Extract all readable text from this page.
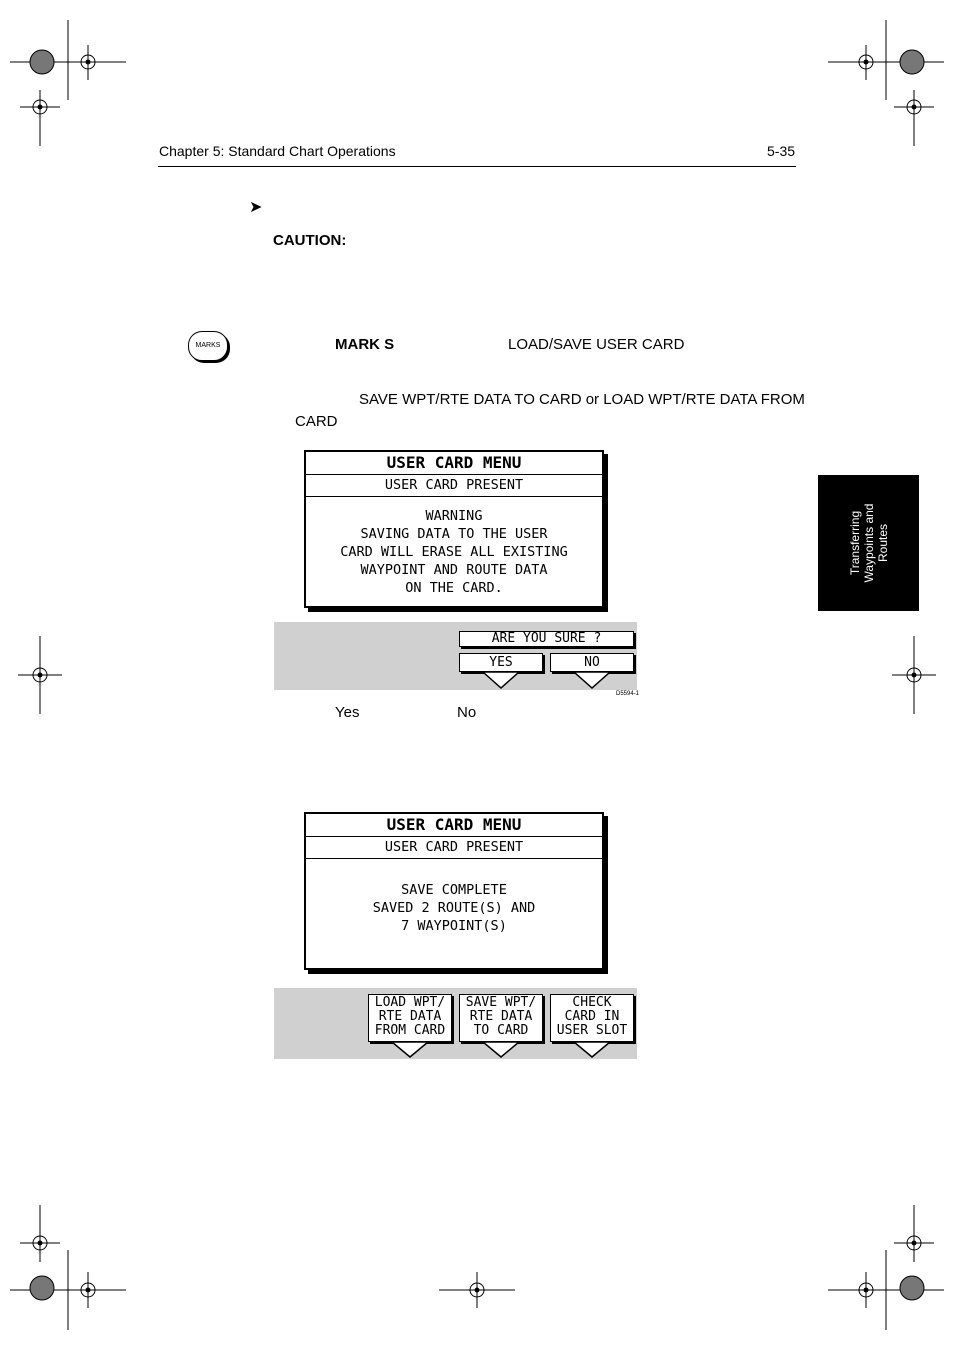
Chapter 5: Standard Chart Operations	5-35
➤
CAUTION:
MARKS	MARK S	LOAD/SAVE USER CARD
SAVE WPT/RTE DATA TO CARD or LOAD WPT/RTE DATA FROM
CARD
USER CARD MENU
USER CARD PRESENT
WARNING
SAVING DATA TO THE USER
CARD WILL ERASE ALL EXISTING
WAYPOINT AND ROUTE DATA
ON THE CARD.
ARE YOU SURE ?
YES	NO
D5594-1
Yes	No
USER CARD MENU
USER CARD PRESENT
SAVE COMPLETE
SAVED 2 ROUTE(S) AND
7 WAYPOINT(S)
LOAD WPT/
RTE DATA
FROM CARD
SAVE WPT/
RTE DATA
TO CARD
CHECK
CARD IN
USER SLOT
Transferring Waypoints and Routes
